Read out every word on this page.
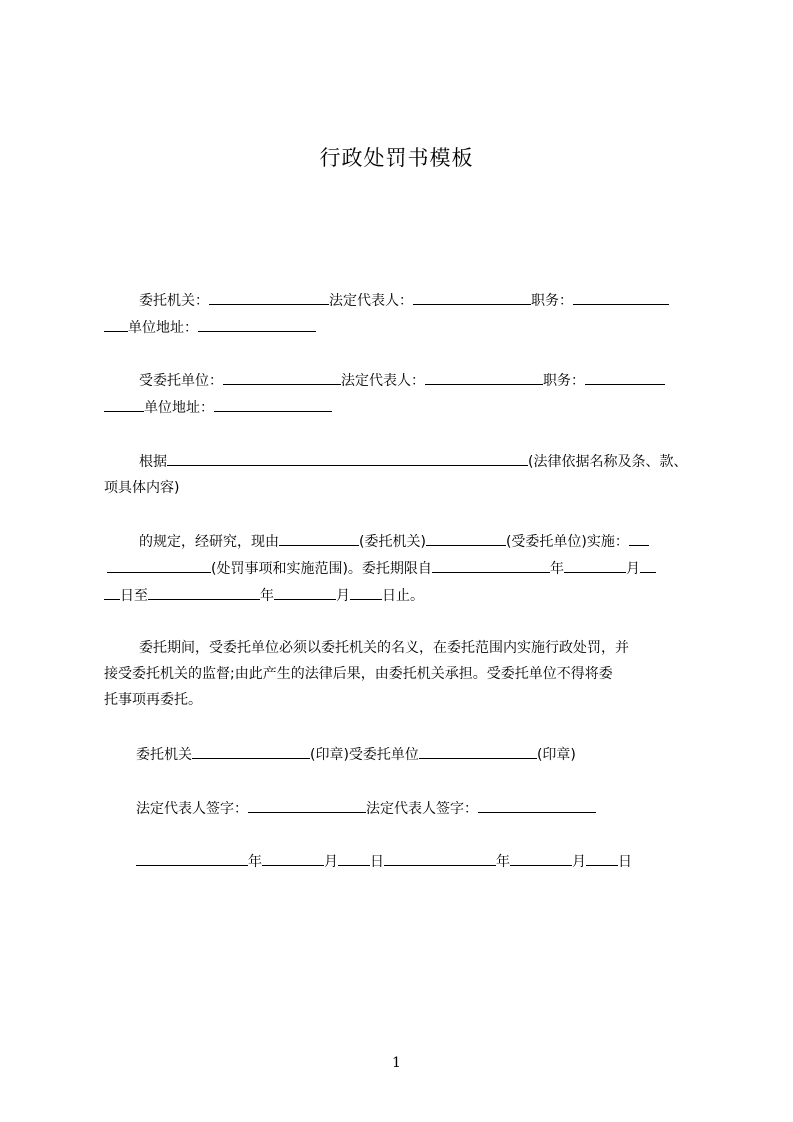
行政处罚书模板
委托机关：	法定代表人：	职务：
单位地址：
受委托单位：	法定代表人：	职务：
单位地址：
根据	(法律依据名称及条、款、
项具体内容)
的规定，经研究，现由	(委托机关)	(受委托单位)实施：
(处罚事项和实施范围)。委托期限自	年	月
日至	年	月 日止。
委托期间，受委托单位必须以委托机关的名义，在委托范围内实施行政处罚，并
接受委托机关的监督;由此产生的法律后果，由委托机关承担。受委托单位不得将委
托事项再委托。
委托机关	(印章)受委托单位	(印章)
法定代表人签字：	法定代表人签字：
年	月 日	年	月 日
1
